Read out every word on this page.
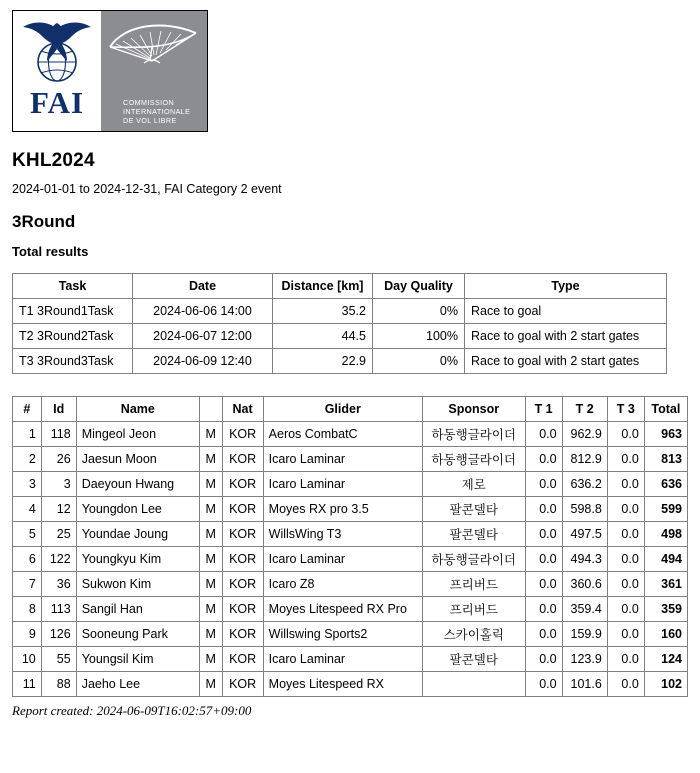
FAI	COMMISSION
INTERNATIONALE
DE VOL LIBRE
KHL2024

2024-01-01 to 2024-12-31, FAI Category 2 event

3Round
Total results
Task	Date	Distance [km]	Day Quality	Type
T1 3Round1Task	2024-06-06 14:00	35.2	0%	Race to goal
T2 3Round2Task	2024-06-07 12:00	44.5	100%	Race to goal with 2 start gates
T3 3Round3Task	2024-06-09 12:40	22.9	0%	Race to goal with 2 start gates
#	Id	Name		Nat	Glider	Sponsor	T 1	T 2	T 3	Total
1	118	Mingeol Jeon	M	KOR	Aeros CombatC	하동행글라이더	0.0	962.9	0.0	963
2	26	Jaesun Moon	M	KOR	Icaro Laminar	하동행글라이더	0.0	812.9	0.0	813
3	3	Daeyoun Hwang	M	KOR	Icaro Laminar	제로	0.0	636.2	0.0	636
4	12	Youngdon Lee	M	KOR	Moyes RX pro 3.5	팔콘델타	0.0	598.8	0.0	599
5	25	Youndae Joung	M	KOR	WillsWing T3	팔콘델타	0.0	497.5	0.0	498
6	122	Youngkyu Kim	M	KOR	Icaro Laminar	하동행글라이더	0.0	494.3	0.0	494
7	36	Sukwon Kim	M	KOR	Icaro Z8	프리버드	0.0	360.6	0.0	361
8	113	Sangil Han	M	KOR	Moyes Litespeed RX Pro	프리버드	0.0	359.4	0.0	359
9	126	Sooneung Park	M	KOR	Willswing Sports2	스카이홀릭	0.0	159.9	0.0	160
10	55	Youngsil Kim	M	KOR	Icaro Laminar	팔콘델타	0.0	123.9	0.0	124
11	88	Jaeho Lee	M	KOR	Moyes Litespeed RX		0.0	101.6	0.0	102

Report created: 2024-06-09T16:02:57+09:00
